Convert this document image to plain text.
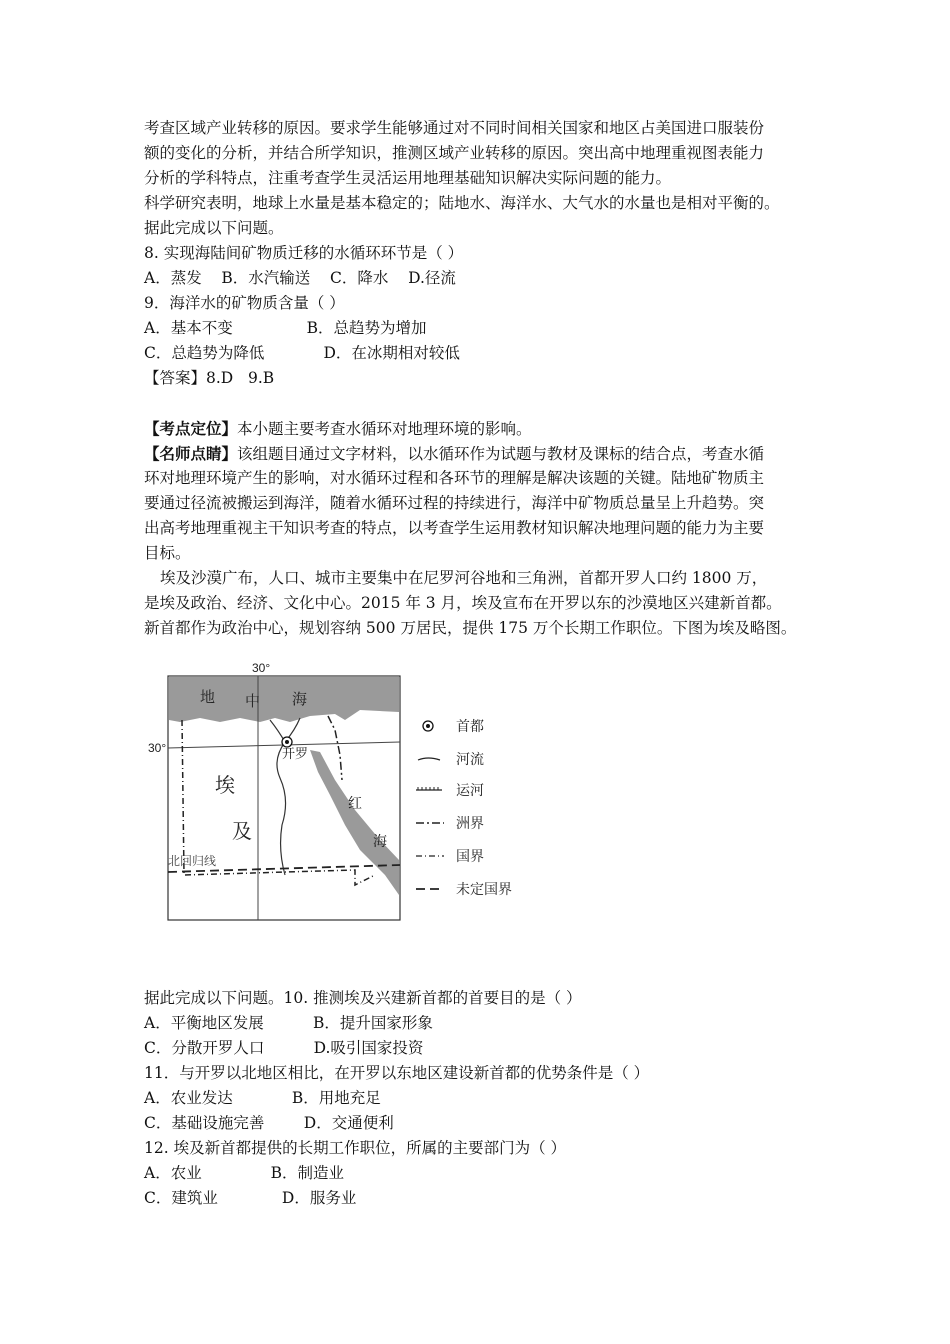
考查区域产业转移的原因。要求学生能够通过对不同时间相关国家和地区占美国进口服装份
额的变化的分析，并结合所学知识，推测区域产业转移的原因。突出高中地理重视图表能力
分析的学科特点，注重考查学生灵活运用地理基础知识解决实际问题的能力。
科学研究表明，地球上水量是基本稳定的；陆地水、海洋水、大气水的水量也是相对平衡的。
据此完成以下问题。
8. 实现海陆间矿物质迁移的水循环环节是（ ）
A．蒸发    B．水汽输送    C．降水    D.径流
9．海洋水的矿物质含量（ ）
A．基本不变               B．总趋势为增加
C．总趋势为降低            D．在冰期相对较低
【答案】8.D   9.B
【考点定位】本小题主要考查水循环对地理环境的影响。
【名师点睛】该组题目通过文字材料，以水循环作为试题与教材及课标的结合点，考查水循
环对地理环境产生的影响，对水循环过程和各环节的理解是解决该题的关键。陆地矿物质主
要通过径流被搬运到海洋，随着水循环过程的持续进行，海洋中矿物质总量呈上升趋势。突
出高考地理重视主干知识考查的特点，以考查学生运用教材知识解决地理问题的能力为主要
目标。
埃及沙漠广布，人口、城市主要集中在尼罗河谷地和三角洲，首都开罗人口约 1800 万，
是埃及政治、经济、文化中心。2015 年 3 月，埃及宣布在开罗以东的沙漠地区兴建新首都。
新首都作为政治中心，规划容纳 500 万居民，提供 175 万个长期工作职位。下图为埃及略图。
30°
30°
地 中 海
埃
及
红
海
开罗
北回归线
首都
河流
运河
洲界
国界
未定国界
据此完成以下问题。10. 推测埃及兴建新首都的首要目的是（ ）
A．平衡地区发展          B．提升国家形象
C．分散开罗人口          D.吸引国家投资
11．与开罗以北地区相比，在开罗以东地区建设新首都的优势条件是（ ）
A．农业发达            B．用地充足
C．基础设施完善        D．交通便利
12. 埃及新首都提供的长期工作职位，所属的主要部门为（ ）
A．农业              B．制造业
C．建筑业             D．服务业
